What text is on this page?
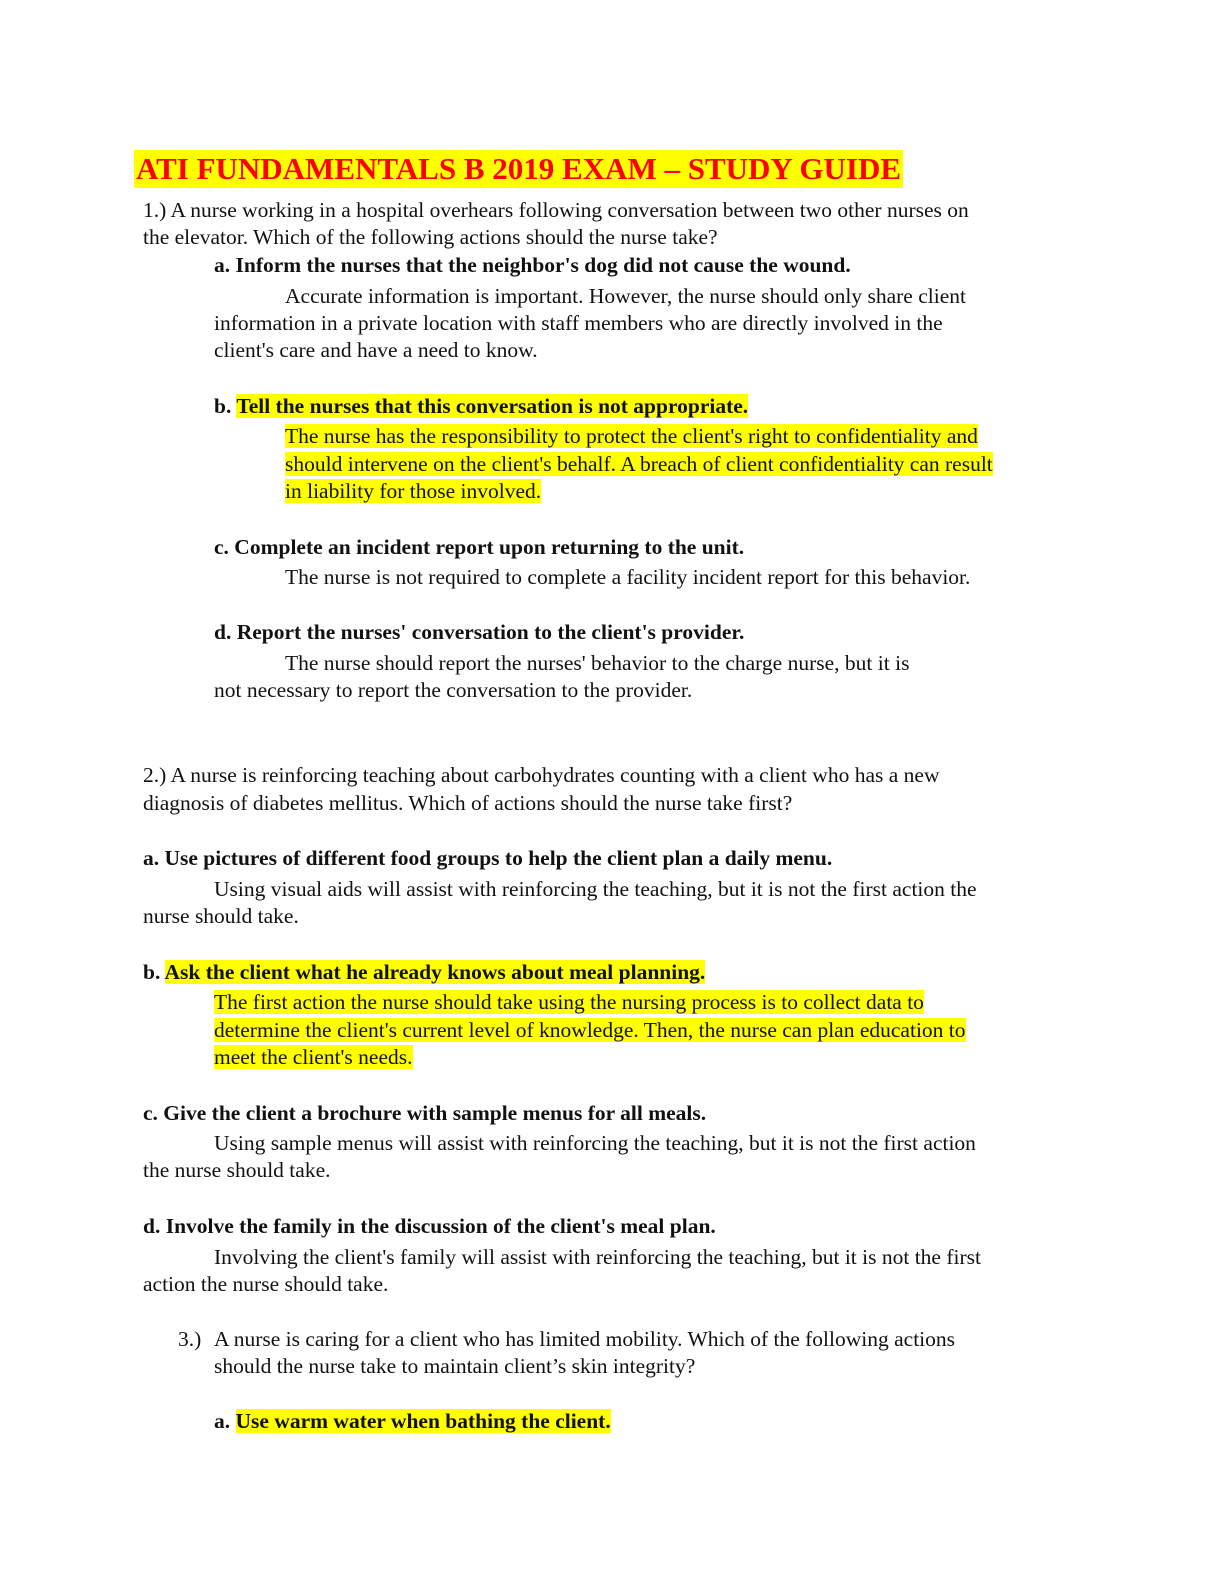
ATI FUNDAMENTALS B 2019 EXAM – STUDY GUIDE

1.) A nurse working in a hospital overhears following conversation between two other nurses on

the elevator. Which of the following actions should the nurse take?

a. Inform the nurses that the neighbor's dog did not cause the wound.

Accurate information is important. However, the nurse should only share client

information in a private location with staff members who are directly involved in the

client's care and have a need to know.

b. Tell the nurses that this conversation is not appropriate.

The nurse has the responsibility to protect the client's right to confidentiality and

should intervene on the client's behalf. A breach of client confidentiality can result

in liability for those involved.

c. Complete an incident report upon returning to the unit.

The nurse is not required to complete a facility incident report for this behavior.

d. Report the nurses' conversation to the client's provider.

The nurse should report the nurses' behavior to the charge nurse, but it is

not necessary to report the conversation to the provider.

2.) A nurse is reinforcing teaching about carbohydrates counting with a client who has a new

diagnosis of diabetes mellitus. Which of actions should the nurse take first?

a. Use pictures of different food groups to help the client plan a daily menu.

Using visual aids will assist with reinforcing the teaching, but it is not the first action the

nurse should take.

b. Ask the client what he already knows about meal planning.

The first action the nurse should take using the nursing process is to collect data to

determine the client's current level of knowledge. Then, the nurse can plan education to

meet the client's needs.

c. Give the client a brochure with sample menus for all meals.

Using sample menus will assist with reinforcing the teaching, but it is not the first action

the nurse should take.

d. Involve the family in the discussion of the client's meal plan.

Involving the client's family will assist with reinforcing the teaching, but it is not the first

action the nurse should take.

3.) A nurse is caring for a client who has limited mobility. Which of the following actions

should the nurse take to maintain client’s skin integrity?

a. Use warm water when bathing the client.
